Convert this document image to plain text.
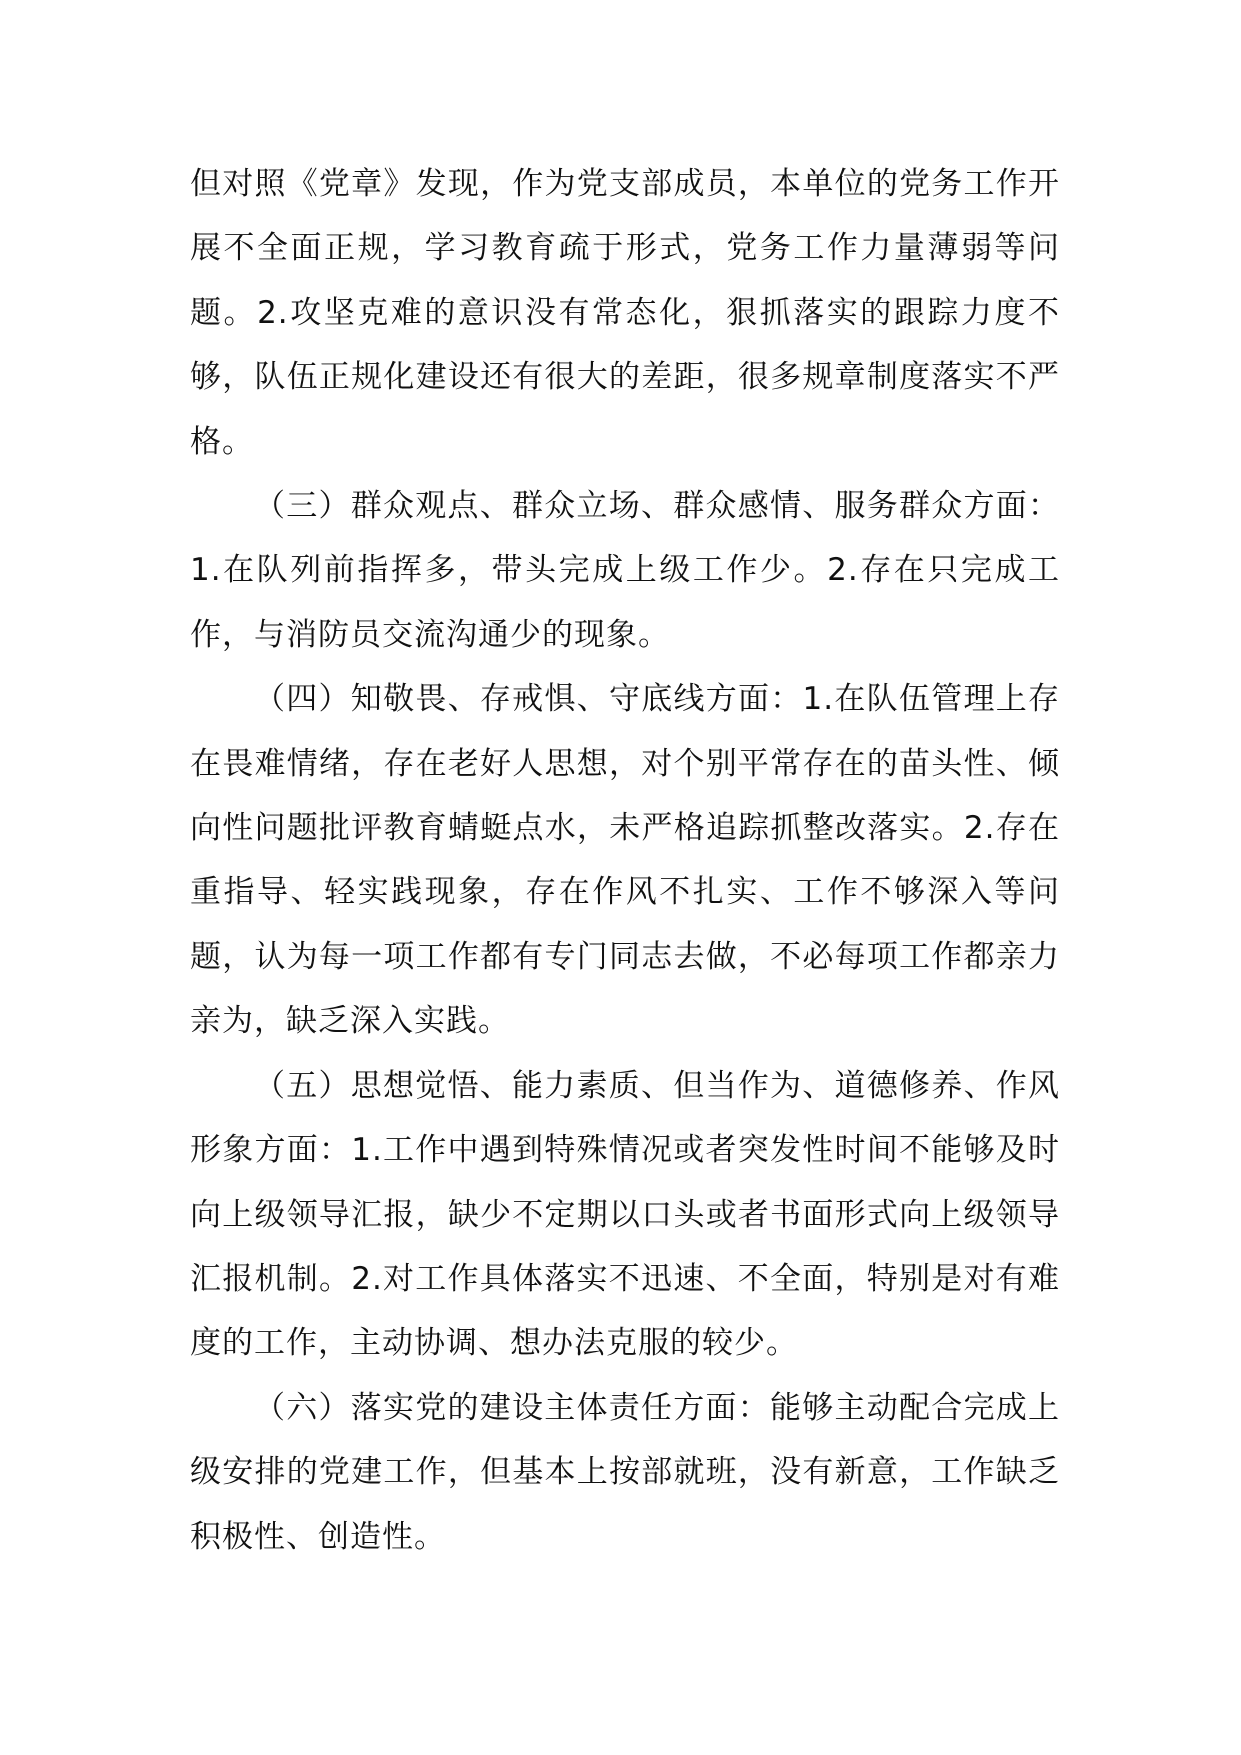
但对照《党章》发现，作为党支部成员，本单位的党务工作开展不全面正规，学习教育疏于形式，党务工作力量薄弱等问题。2.攻坚克难的意识没有常态化，狠抓落实的跟踪力度不够，队伍正规化建设还有很大的差距，很多规章制度落实不严格。

（三）群众观点、群众立场、群众感情、服务群众方面：1.在队列前指挥多，带头完成上级工作少。2.存在只完成工作，与消防员交流沟通少的现象。

（四）知敬畏、存戒惧、守底线方面：1.在队伍管理上存在畏难情绪，存在老好人思想，对个别平常存在的苗头性、倾向性问题批评教育蜻蜓点水，未严格追踪抓整改落实。2.存在重指导、轻实践现象，存在作风不扎实、工作不够深入等问题，认为每一项工作都有专门同志去做，不必每项工作都亲力亲为，缺乏深入实践。

（五）思想觉悟、能力素质、但当作为、道德修养、作风形象方面：1.工作中遇到特殊情况或者突发性时间不能够及时向上级领导汇报，缺少不定期以口头或者书面形式向上级领导汇报机制。2.对工作具体落实不迅速、不全面，特别是对有难度的工作，主动协调、想办法克服的较少。

（六）落实党的建设主体责任方面：能够主动配合完成上级安排的党建工作，但基本上按部就班，没有新意，工作缺乏积极性、创造性。
